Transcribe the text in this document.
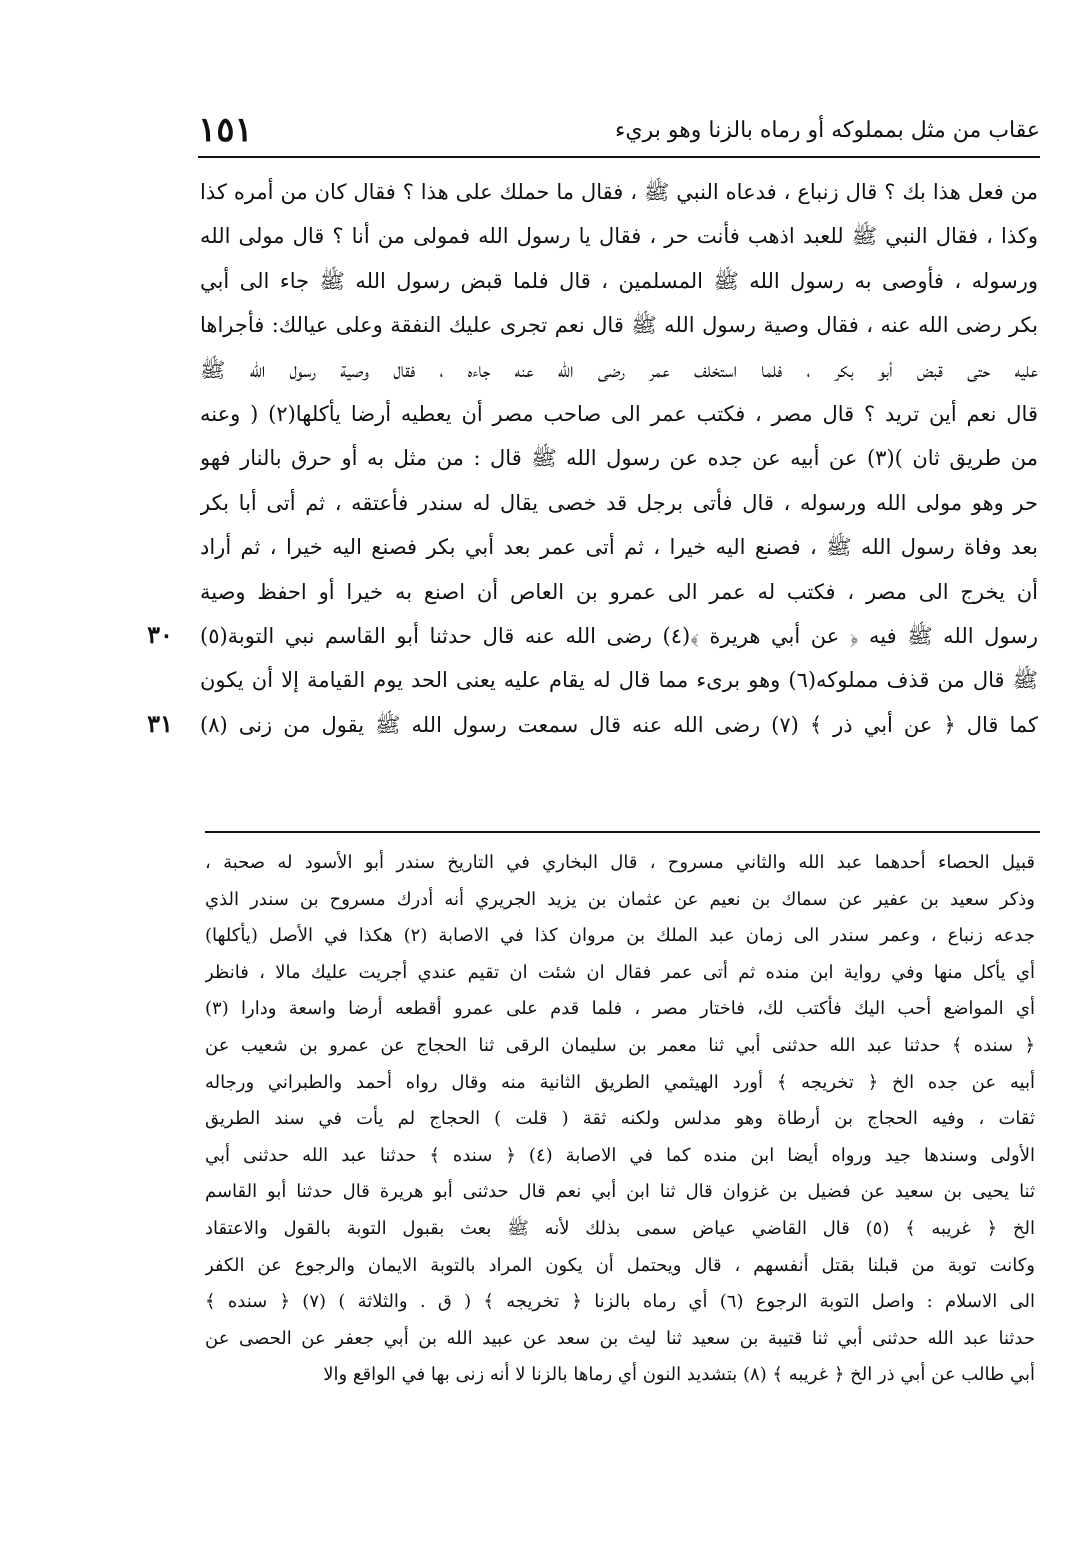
عقاب من مثل بمملوكه أو رماه بالزنا وهو بريء
١٥١
من فعل هذا بك ؟ قال زنباع ، فدعاه النبي ﷺ ، فقال ما حملك على هذا ؟ فقال كان من أمره كذا
وكذا ، فقال النبي ﷺ للعبد اذهب فأنت حر ، فقال يا رسول الله فمولى من أنا ؟ قال مولى الله
ورسوله ، فأوصى به رسول الله ﷺ المسلمين ، قال فلما قبض رسول الله ﷺ جاء الى أبي
بكر رضى الله عنه ، فقال وصية رسول الله ﷺ قال نعم تجرى عليك النفقة وعلى عيالك: فأجراها
عليه حتى قبض أبو بكر ، فلما استخلف عمر رضى الله عنه جاءه ، فقال وصية رسول الله ﷺ
قال نعم أين تريد ؟ قال مصر ، فكتب عمر الى صاحب مصر أن يعطيه أرضا يأكلها(٢) ( وعنه
من طريق ثان )(٣) عن أبيه عن جده عن رسول الله ﷺ قال : من مثل به أو حرق بالنار فهو
حر وهو مولى الله ورسوله ، قال فأتى برجل قد خصى يقال له سندر فأعتقه ، ثم أتى أبا بكر
بعد وفاة رسول الله ﷺ ، فصنع اليه خيرا ، ثم أتى عمر بعد أبي بكر فصنع اليه خيرا ، ثم أراد
أن يخرج الى مصر ، فكتب له عمر الى عمرو بن العاص أن اصنع به خيرا أو احفظ وصية
رسول الله ﷺ فيه ﴿ عن أبي هريرة ﴾(٤) رضى الله عنه قال حدثنا أبو القاسم نبي التوبة(٥)
ﷺ قال من قذف مملوكه(٦) وهو برىء مما قال له يقام عليه يعنى الحد يوم القيامة إلا أن يكون
كما قال ﴿ عن أبي ذر ﴾ (٧) رضى الله عنه قال سمعت رسول الله ﷺ يقول من زنى (٨)
٣٠
٣١
قبيل الحصاء أحدهما عبد الله والثاني مسروح ، قال البخاري في التاريخ سندر أبو الأسود له صحبة ،
وذكر سعيد بن عفير عن سماك بن نعيم عن عثمان بن يزيد الجريري أنه أدرك مسروح بن سندر الذي
جدعه زنباع ، وعمر سندر الى زمان عبد الملك بن مروان كذا في الاصابة (٢) هكذا في الأصل (يأكلها)
أي يأكل منها وفي رواية ابن منده ثم أتى عمر فقال ان شئت ان تقيم عندي أجريت عليك مالا ، فانظر
أي المواضع أحب اليك فأكتب لك، فاختار مصر ، فلما قدم على عمرو أقطعه أرضا واسعة ودارا (٣)
﴿ سنده ﴾ حدثنا عبد الله حدثنى أبي ثنا معمر بن سليمان الرقى ثنا الحجاج عن عمرو بن شعيب عن
أبيه عن جده الخ ﴿ تخريجه ﴾ أورد الهيثمي الطريق الثانية منه وقال رواه أحمد والطبراني ورجاله
ثقات ، وفيه الحجاج بن أرطاة وهو مدلس ولكنه ثقة ( قلت ) الحجاج لم يأت في سند الطريق
الأولى وسندها جيد ورواه أيضا ابن منده كما في الاصابة (٤) ﴿ سنده ﴾ حدثنا عبد الله حدثنى أبي
ثنا يحيى بن سعيد عن فضيل بن غزوان قال ثنا ابن أبي نعم قال حدثنى أبو هريرة قال حدثنا أبو القاسم
الخ ﴿ غريبه ﴾ (٥) قال القاضي عياض سمى بذلك لأنه ﷺ بعث بقبول التوبة بالقول والاعتقاد
وكانت توبة من قبلنا بقتل أنفسهم ، قال ويحتمل أن يكون المراد بالتوبة الايمان والرجوع عن الكفر
الى الاسلام : واصل التوبة الرجوع (٦) أي رماه بالزنا ﴿ تخريجه ﴾ ( ق . والثلاثة ) (٧) ﴿ سنده ﴾
حدثنا عبد الله حدثنى أبي ثنا قتيبة بن سعيد ثنا ليث بن سعد عن عبيد الله بن أبي جعفر عن الحصى عن
أبي طالب عن أبي ذر الخ ﴿ غريبه ﴾ (٨) بتشديد النون أي رماها بالزنا لا أنه زنى بها في الواقع والا
